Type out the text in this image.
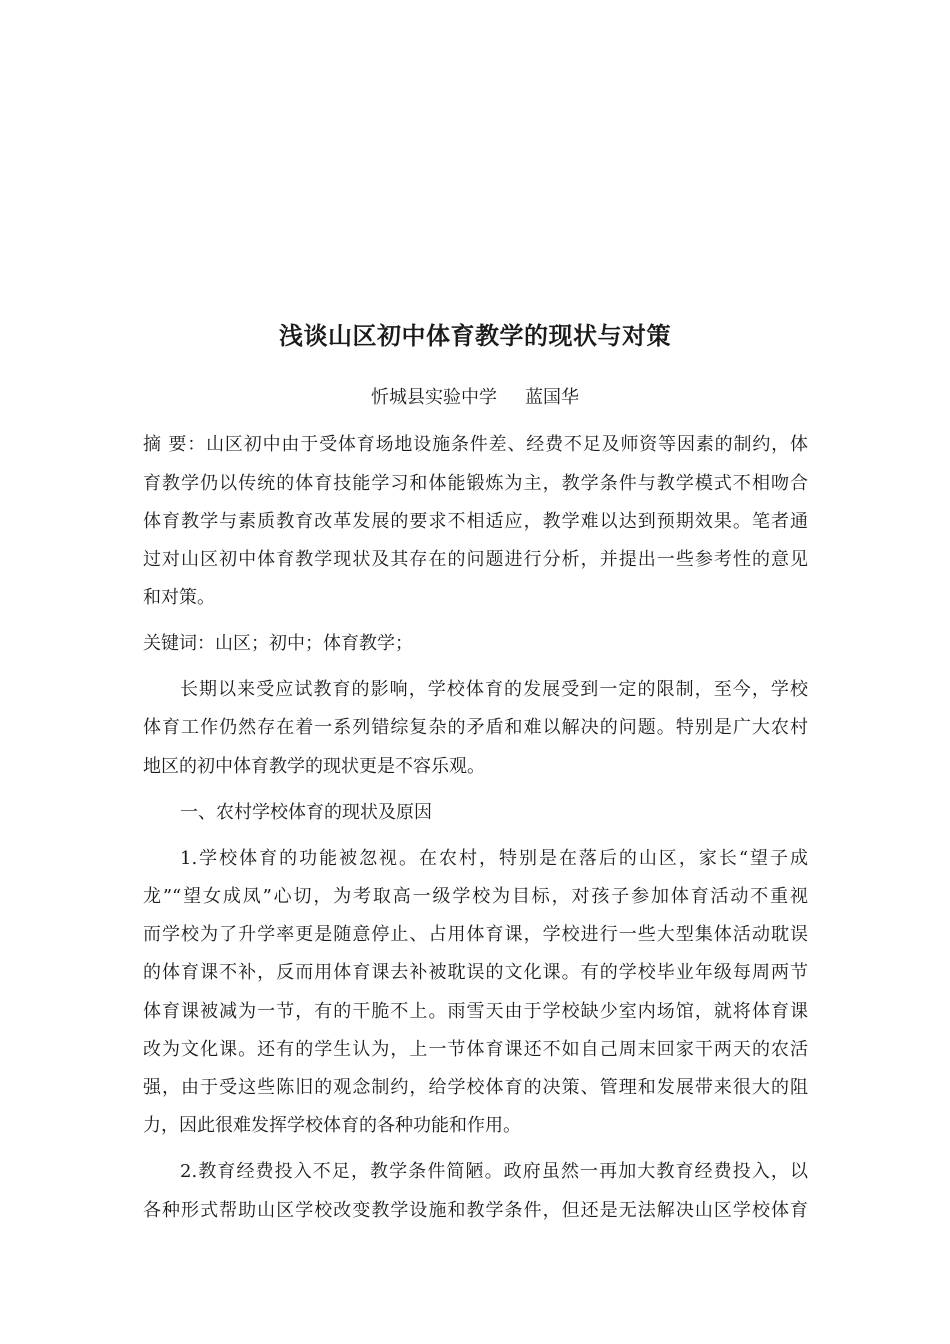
浅谈山区初中体育教学的现状与对策
忻城县实验中学 蓝国华
摘 要：山区初中由于受体育场地设施条件差、经费不足及师资等因素的制约，体
育教学仍以传统的体育技能学习和体能锻炼为主，教学条件与教学模式不相吻合
体育教学与素质教育改革发展的要求不相适应，教学难以达到预期效果。笔者通
过对山区初中体育教学现状及其存在的问题进行分析，并提出一些参考性的意见
和对策。
关键词：山区；初中；体育教学；
长期以来受应试教育的影响，学校体育的发展受到一定的限制，至今，学校
体育工作仍然存在着一系列错综复杂的矛盾和难以解决的问题。特别是广大农村
地区的初中体育教学的现状更是不容乐观。
一、农村学校体育的现状及原因
1.学校体育的功能被忽视。在农村，特别是在落后的山区，家长“望子成
龙”“望女成凤”心切，为考取高一级学校为目标，对孩子参加体育活动不重视
而学校为了升学率更是随意停止、占用体育课，学校进行一些大型集体活动耽误
的体育课不补，反而用体育课去补被耽误的文化课。有的学校毕业年级每周两节
体育课被减为一节，有的干脆不上。雨雪天由于学校缺少室内场馆，就将体育课
改为文化课。还有的学生认为，上一节体育课还不如自己周末回家干两天的农活
强，由于受这些陈旧的观念制约，给学校体育的决策、管理和发展带来很大的阻
力，因此很难发挥学校体育的各种功能和作用。
2.教育经费投入不足，教学条件简陋。政府虽然一再加大教育经费投入，以
各种形式帮助山区学校改变教学设施和教学条件，但还是无法解决山区学校体育
